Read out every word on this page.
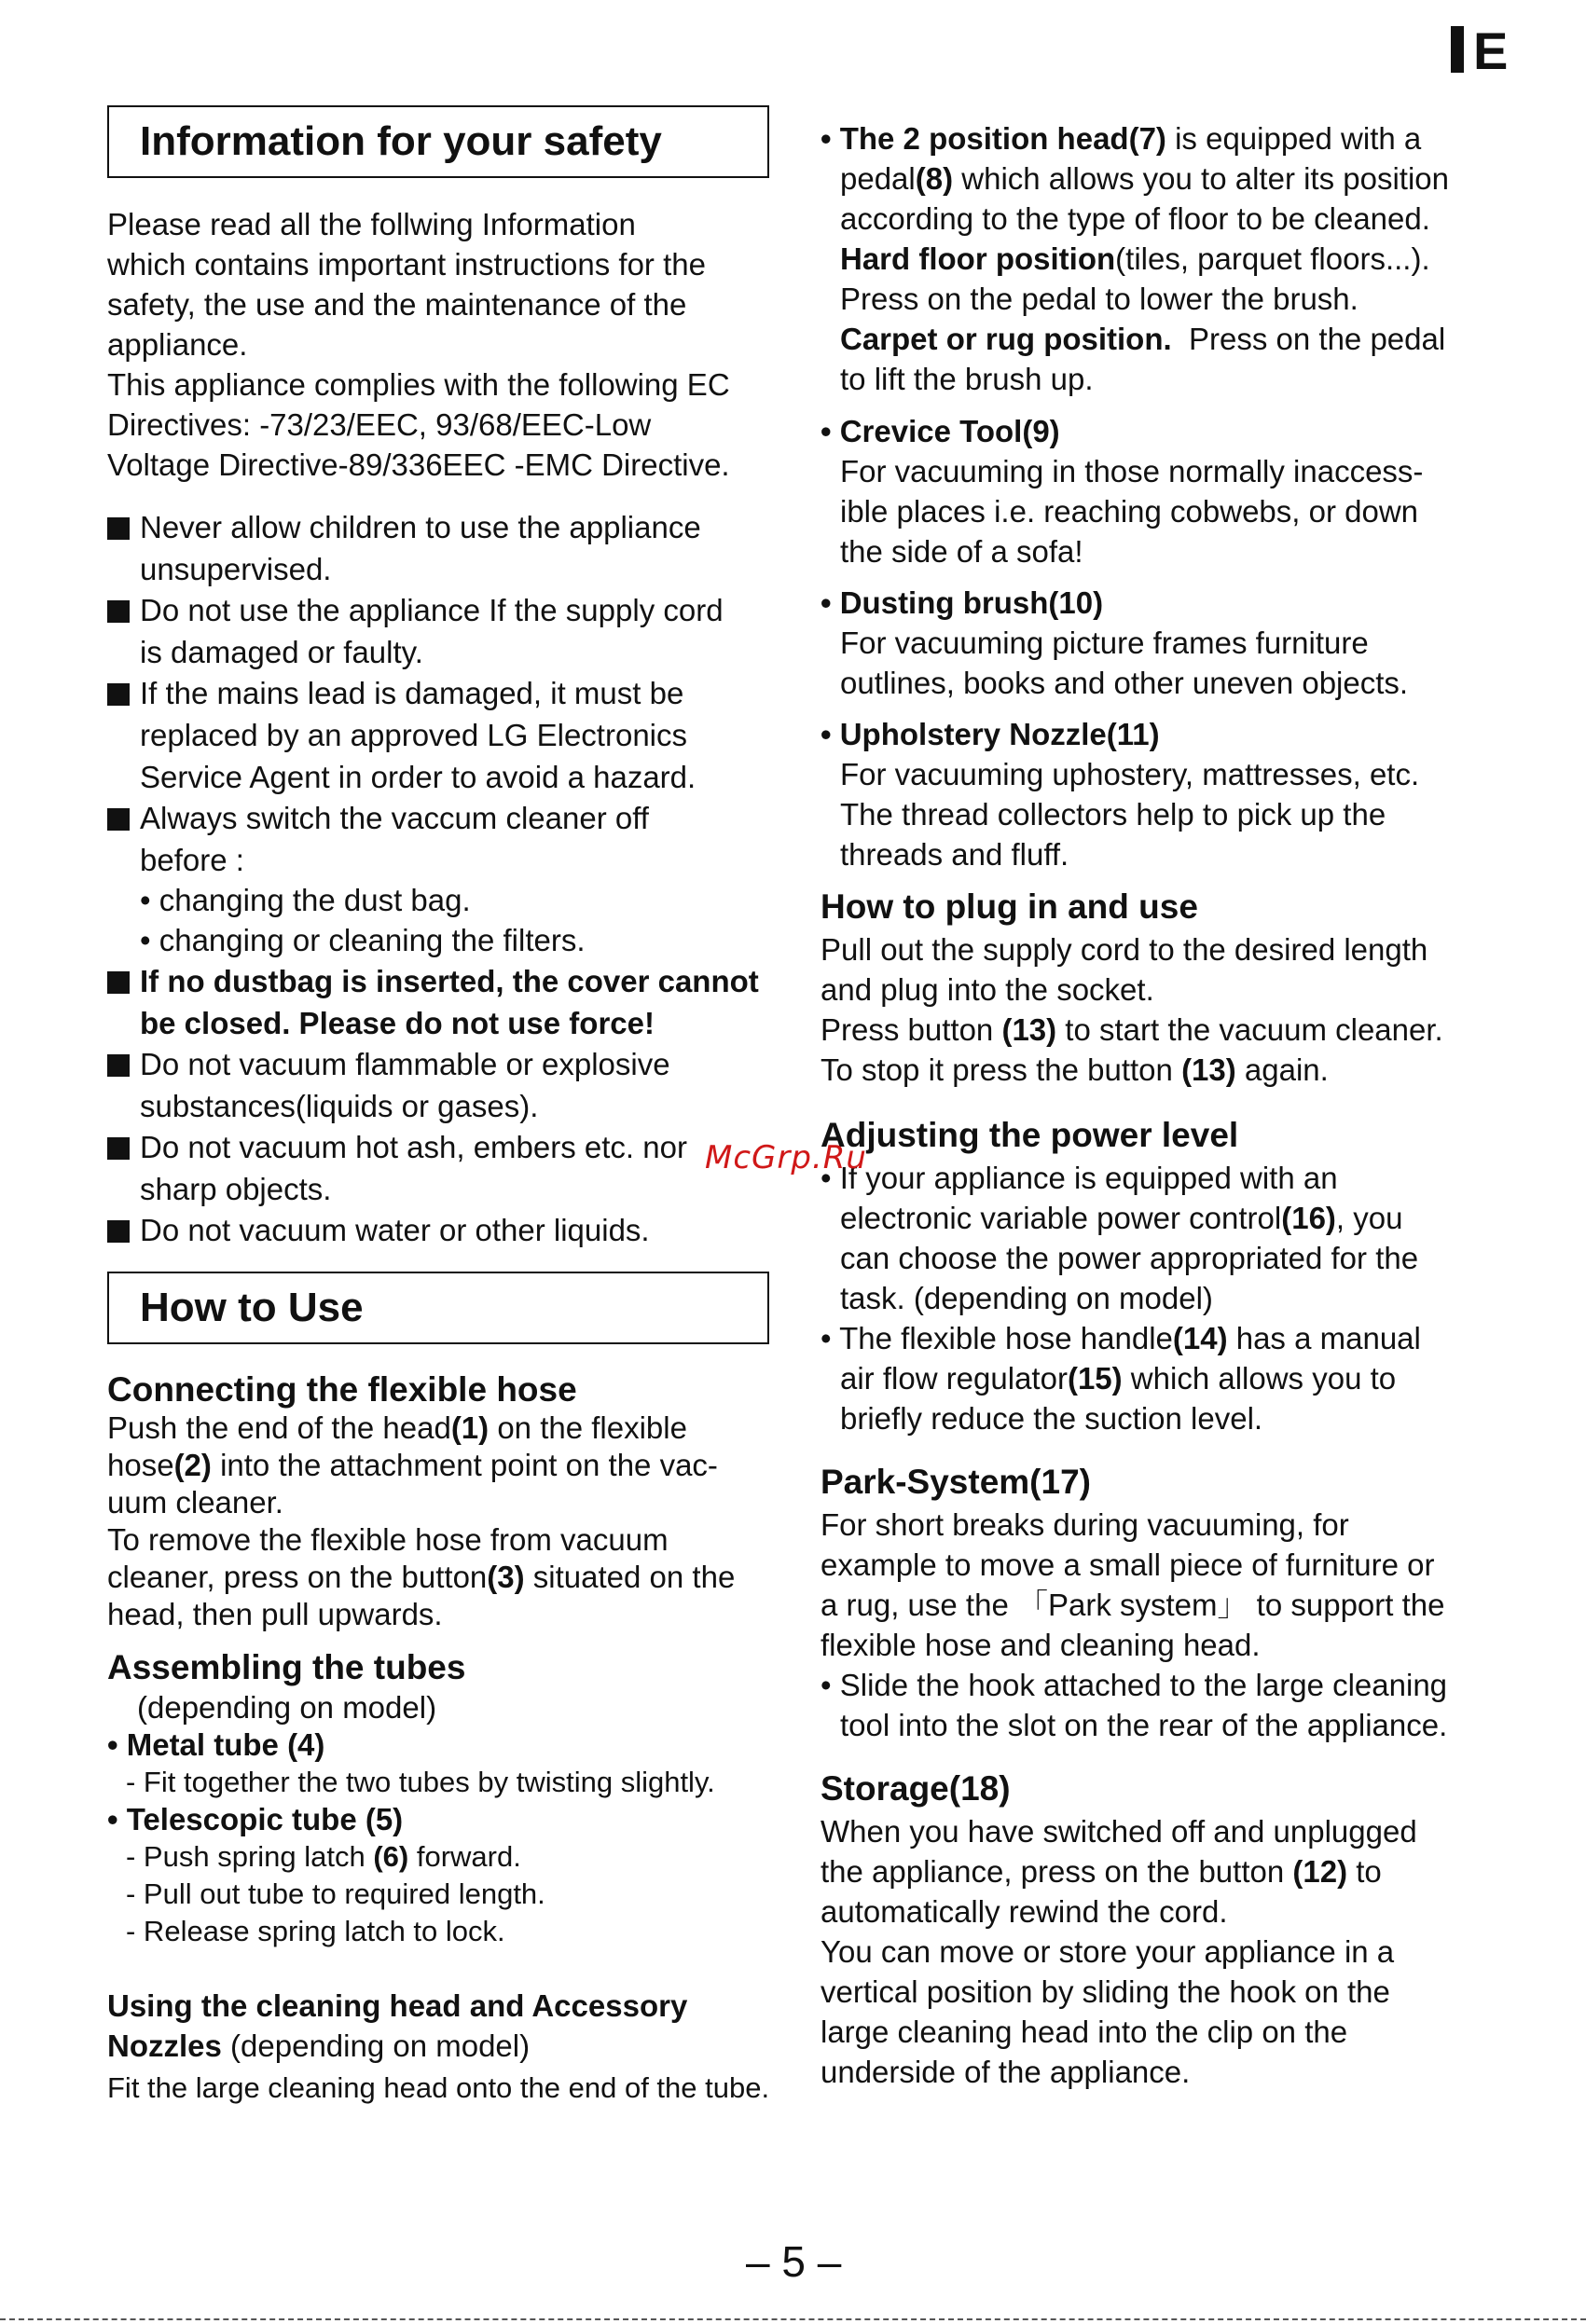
E
Information for your safety
Please read all the follwing Information
which contains important instructions for the
safety, the use and the maintenance of the
appliance.
This appliance complies with the following EC
Directives: -73/23/EEC, 93/68/EEC-Low
Voltage Directive-89/336EEC -EMC Directive.
Never allow children to use the appliance
unsupervised.
Do not use the appliance If the supply cord
is damaged or faulty.
If the mains lead is damaged, it must be
replaced by an approved LG Electronics
Service Agent in order to avoid a hazard.
Always switch the vaccum cleaner off
before :
• changing the dust bag.
• changing or cleaning the filters.
If no dustbag is inserted, the cover cannot
be closed. Please do not use force!
Do not vacuum flammable or explosive
substances(liquids or gases).
Do not vacuum hot ash, embers etc. nor
sharp objects.
Do not vacuum water or other liquids.
How to Use
Connecting the flexible hose
Push the end of the head(1) on the flexible
hose(2) into the attachment point on the vac-
uum cleaner.
To remove the flexible hose from vacuum
cleaner, press on the button(3) situated on the
head, then pull upwards.
Assembling the tubes
(depending on model)
• Metal tube (4)
- Fit together the two tubes by twisting slightly.
• Telescopic tube (5)
- Push spring latch (6) forward.
- Pull out tube to required length.
- Release spring latch to lock.
Using the cleaning head and Accessory
Nozzles (depending on model)
Fit the large cleaning head onto the end of the tube.
• The 2 position head(7) is equipped with a
pedal(8) which allows you to alter its position
according to the type of floor to be cleaned.
Hard floor position(tiles, parquet floors...).
Press on the pedal to lower the brush.
Carpet or rug position.  Press on the pedal
to lift the brush up.
• Crevice Tool(9)
For vacuuming in those normally inaccess-
ible places i.e. reaching cobwebs, or down
the side of a sofa!
• Dusting brush(10)
For vacuuming picture frames furniture
outlines, books and other uneven objects.
• Upholstery Nozzle(11)
For vacuuming uphostery, mattresses, etc.
The thread collectors help to pick up the
threads and fluff.
How to plug in and use
Pull out the supply cord to the desired length
and plug into the socket.
Press button (13) to start the vacuum cleaner.
To stop it press the button (13) again.
Adjusting the power level
• If your appliance is equipped with an
electronic variable power control(16), you
can choose the power appropriated for the
task. (depending on model)
• The flexible hose handle(14) has a manual
air flow regulator(15) which allows you to
briefly reduce the suction level.
Park-System(17)
For short breaks during vacuuming, for
example to move a small piece of furniture or
a rug, use the 「Park system」 to support the
flexible hose and cleaning head.
• Slide the hook attached to the large cleaning
tool into the slot on the rear of the appliance.
Storage(18)
When you have switched off and unplugged
the appliance, press on the button (12) to
automatically rewind the cord.
You can move or store your appliance in a
vertical position by sliding the hook on the
large cleaning head into the clip on the
underside of the appliance.
McGrp.Ru
– 5 –
